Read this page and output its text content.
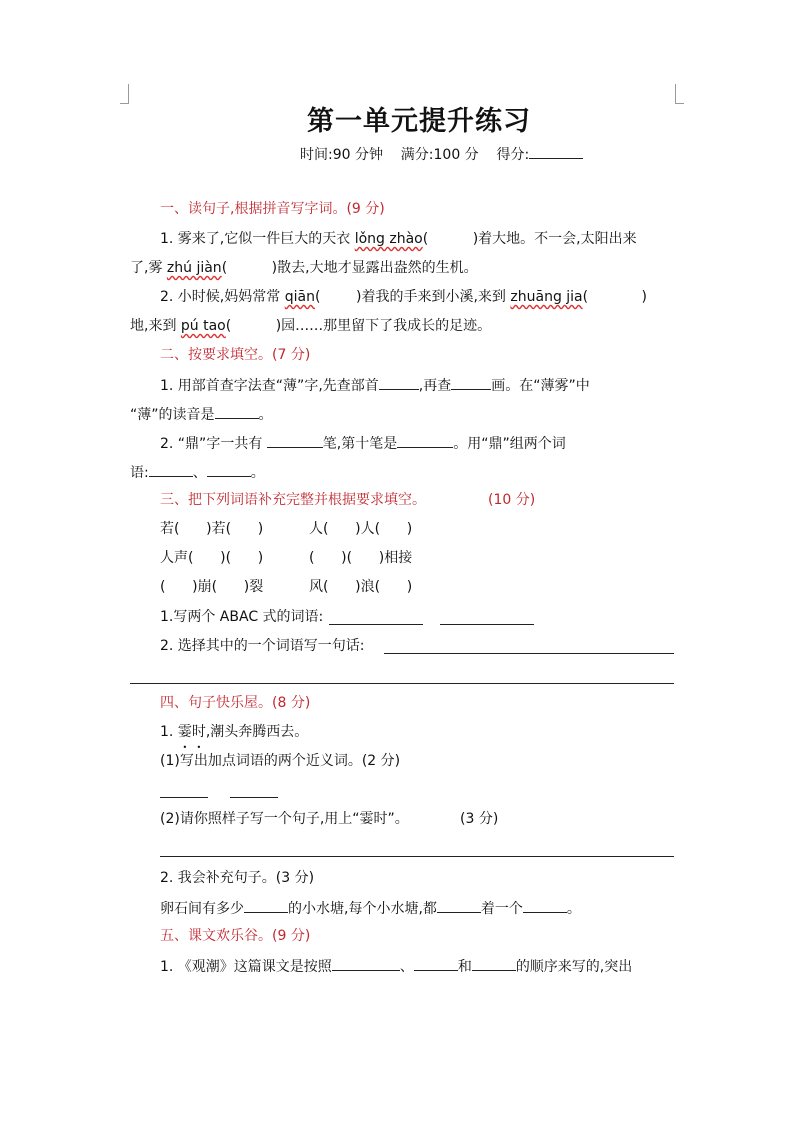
第一单元提升练习
时间:90 分钟    满分:100 分    得分:
一、读句子,根据拼音写字词。(9 分)
1. 雾来了,它似一件巨大的天衣 lǒng zhào(          )着大地。不一会,太阳出来
了,雾 zhú jiàn(          )散去,大地才显露出盎然的生机。
2. 小时候,妈妈常常 qiān(        )着我的手来到小溪,来到 zhuāng jia(            )
地,来到 pú tao(          )园……那里留下了我成长的足迹。
二、按要求填空。(7 分)
1. 用部首查字法查“薄”字,先查部首	,再查	画。在“薄雾”中
“薄”的读音是	。
2. “鼎”字一共有	笔,第十笔是	。用“鼎”组两个词
语:	、	。
三、把下列词语补充完整并根据要求填空。	(10 分)
若(      )若(      )	人(      )人(      )
人声(      )(      )	(      )(      )相接
(      )崩(      )裂	风(      )浪(      )
1.写两个 ABAC 式的词语:
2. 选择其中的一个词语写一句话:
四、句子快乐屋。(8 分)
1. 霎时,潮头奔腾西去。
(1)写出加点词语的两个近义词。(2 分)
(2)请你照样子写一个句子,用上“霎时”。	(3 分)
2. 我会补充句子。(3 分)
卵石间有多少	的小水塘,每个小水塘,都	着一个	。
五、课文欢乐谷。(9 分)
1. 《观潮》这篇课文是按照	、	和	的顺序来写的,突出
